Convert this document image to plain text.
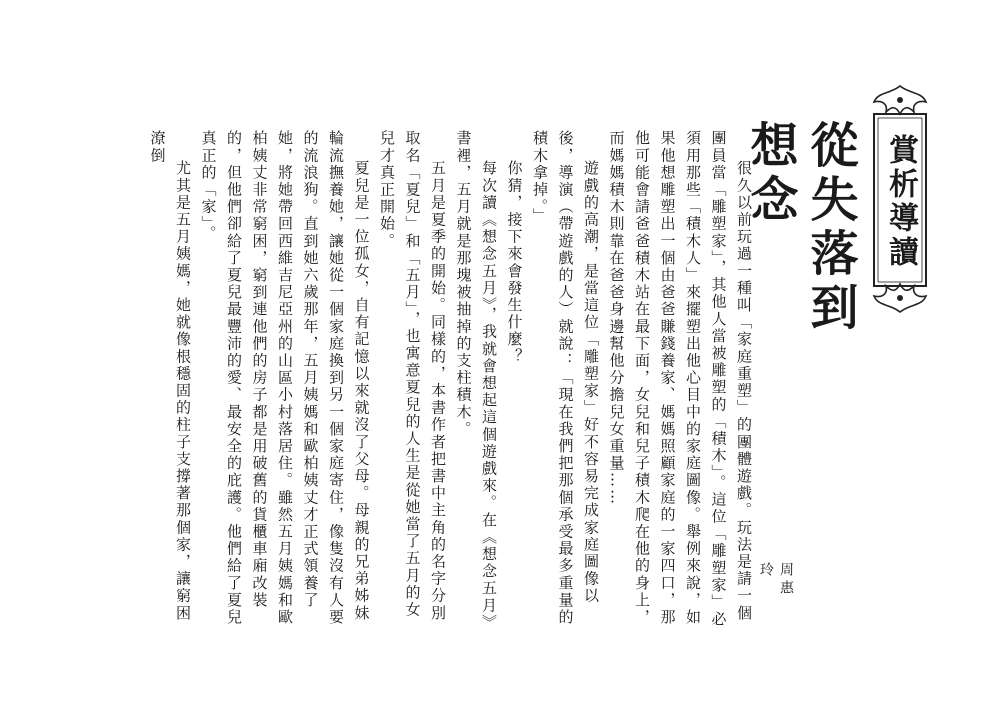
賞析導讀
從失落到想念
周惠玲

很久以前玩過一種叫「家庭重塑」的團體遊戲。玩法是請一個團員當「雕塑家」，其他人當被雕塑的「積木」。這位「雕塑家」必須用那些「積木人」來擺塑出他心目中的家庭圖像。舉例來說，如果他想雕塑出一個由爸爸賺錢養家、媽媽照顧家庭的一家四口，那他可能會請爸爸積木站在最下面，女兒和兒子積木爬在他的身上，而媽媽積木則靠在爸爸身邊幫他分擔兒女重量……

遊戲的高潮，是當這位「雕塑家」好不容易完成家庭圖像以後，導演（帶遊戲的人）就說：「現在我們把那個承受最多重量的積木拿掉。」

你猜，接下來會發生什麼？

每次讀《想念五月》，我就會想起這個遊戲來。在《想念五月》書裡，五月就是那塊被抽掉的支柱積木。

五月是夏季的開始。同樣的，本書作者把書中主角的名字分別取名「夏兒」和「五月」，也寓意夏兒的人生是從她當了五月的女兒才真正開始。

夏兒是一位孤女，自有記憶以來就沒了父母。母親的兄弟姊妹輪流撫養她，讓她從一個家庭換到另一個家庭寄住，像隻沒有人要的流浪狗。直到她六歲那年，五月姨媽和歐柏姨丈才正式領養了她，將她帶回西維吉尼亞州的山區小村落居住。雖然五月姨媽和歐柏姨丈非常窮困，窮到連他們的房子都是用破舊的貨櫃車廂改裝的，但他們卻給了夏兒最豐沛的愛、最安全的庇護。他們給了夏兒真正的「家」。

尤其是五月姨媽，她就像根穩固的柱子支撐著那個家，讓窮困潦倒
